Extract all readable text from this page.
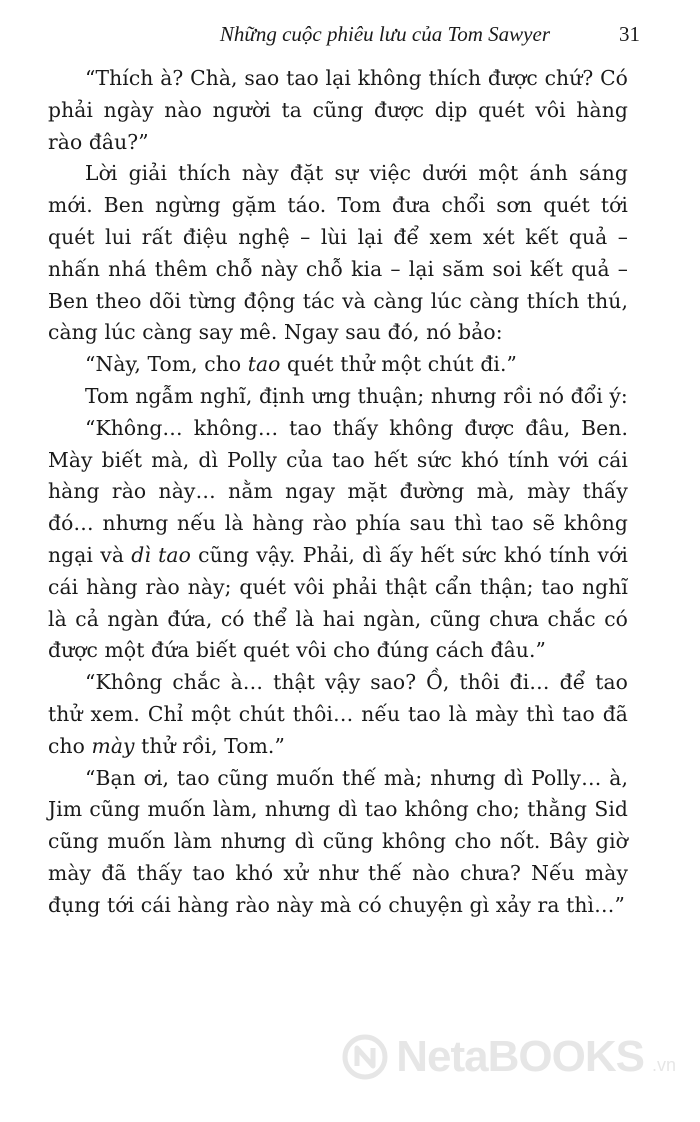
Những cuộc phiêu lưu của Tom Sawyer	31

“Thích à? Chà, sao tao lại không thích được chứ? Có phải ngày nào người ta cũng được dịp quét vôi hàng rào đâu?”

Lời giải thích này đặt sự việc dưới một ánh sáng mới. Ben ngừng gặm táo. Tom đưa chổi sơn quét tới quét lui rất điệu nghệ – lùi lại để xem xét kết quả – nhấn nhá thêm chỗ này chỗ kia – lại săm soi kết quả – Ben theo dõi từng động tác và càng lúc càng thích thú, càng lúc càng say mê. Ngay sau đó, nó bảo:

“Này, Tom, cho tao quét thử một chút đi.”

Tom ngẫm nghĩ, định ưng thuận; nhưng rồi nó đổi ý:

“Không… không… tao thấy không được đâu, Ben. Mày biết mà, dì Polly của tao hết sức khó tính với cái hàng rào này… nằm ngay mặt đường mà, mày thấy đó… nhưng nếu là hàng rào phía sau thì tao sẽ không ngại và dì tao cũng vậy. Phải, dì ấy hết sức khó tính với cái hàng rào này; quét vôi phải thật cẩn thận; tao nghĩ là cả ngàn đứa, có thể là hai ngàn, cũng chưa chắc có được một đứa biết quét vôi cho đúng cách đâu.”

“Không chắc à… thật vậy sao? Ồ, thôi đi… để tao thử xem. Chỉ một chút thôi… nếu tao là mày thì tao đã cho mày thử rồi, Tom.”

“Bạn ơi, tao cũng muốn thế mà; nhưng dì Polly… à, Jim cũng muốn làm, nhưng dì tao không cho; thằng Sid cũng muốn làm nhưng dì cũng không cho nốt. Bây giờ mày đã thấy tao khó xử như thế nào chưa? Nếu mày đụng tới cái hàng rào này mà có chuyện gì xảy ra thì…”

NetaBOOKS .vn
